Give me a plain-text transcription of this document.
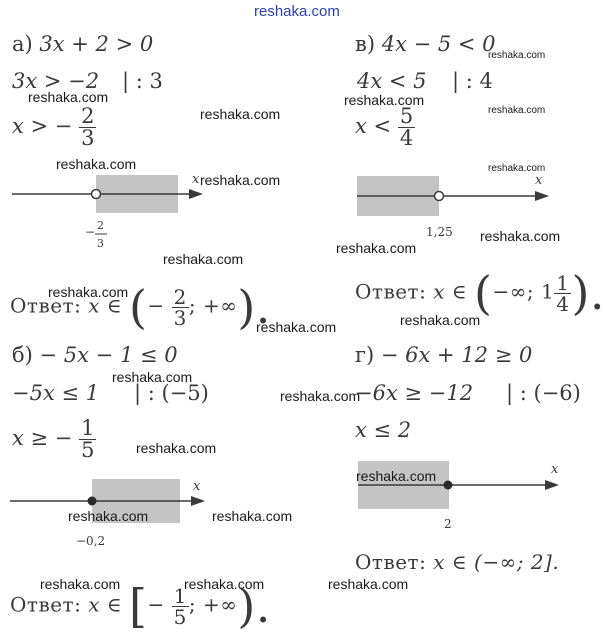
reshaka.com
а) 3x + 2 > 0
3x > −2 | : 3
x > − $\frac{2}{3}$
x
− 2
3
Ответ: x ∈ (− $\frac{2}{3}$ ; +∞).
в) 4x − 5 < 0
4x < 5 | : 4
$x < \frac{5}{4}$
x
1,25
Ответ: x ∈ (−∞; $1 \frac{1}{4}$ ).
б) − 5x − 1 ≤ 0
−5x ≤ 1 | : (−5)
x ≥ − $\frac{1}{5}$
x
−0,2
Ответ: x ∈ [− $\frac{1}{5}$ ; +∞).
г) − 6x + 12 ≥ 0
−6x ≥ −12 | : (−6)
x ≤ 2
x
2
Ответ: x ∈ (−∞; 2].
reshaka.com
reshaka.com
reshaka.com
reshaka.com
reshaka.com
reshaka.com
reshaka.com
reshaka.com
reshaka.com
reshaka.com
reshaka.com	reshaka.com
reshaka.com	reshaka.com	reshaka.com
reshaka.com
reshaka.com
reshaka.com
reshaka.com
reshaka.com
reshaka.com
reshaka.com
reshaka.com
